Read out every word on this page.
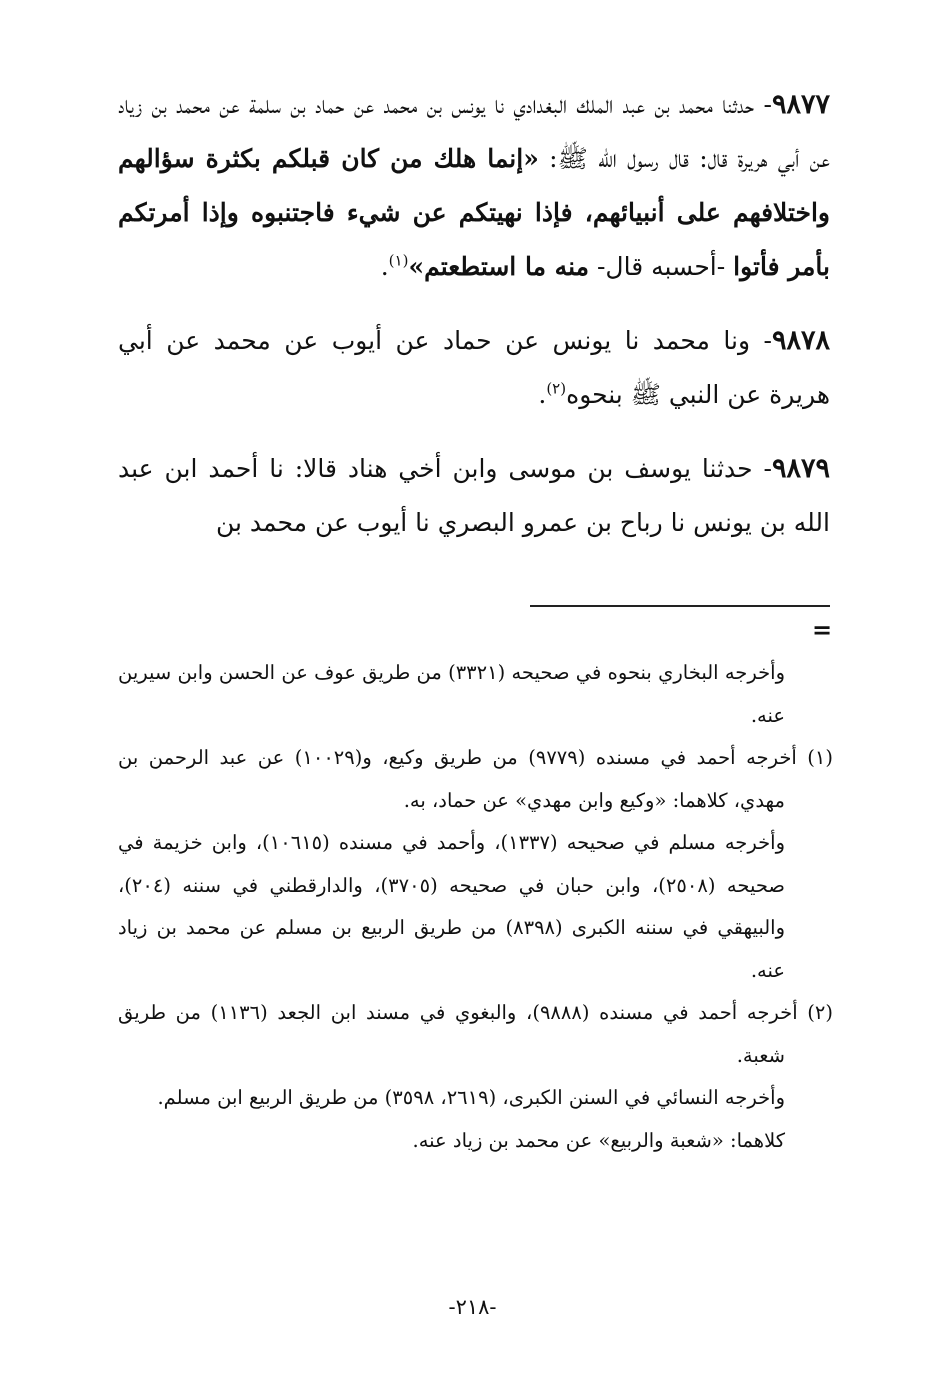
٩٨٧٧- حدثنا محمد بن عبد الملك البغدادي نا يونس بن محمد عن حماد بن سلمة عن محمد بن زياد عن أبي هريرة قال: قال رسول الله ﷺ: «إنما هلك من كان قبلكم بكثرة سؤالهم واختلافهم على أنبيائهم، فإذا نهيتكم عن شيء فاجتنبوه وإذا أمرتكم بأمر فأتوا -أحسبه قال- منه ما استطعتم»$^{(١)}$.

٩٨٧٨- ونا محمد نا يونس عن حماد عن أيوب عن محمد عن أبي هريرة عن النبي ﷺ بنحوه$^{(٢)}$.

٩٨٧٩- حدثنا يوسف بن موسى وابن أخي هناد قالا: نا أحمد ابن عبد الله بن يونس نا رباح بن عمرو البصري نا أيوب عن محمد بن

=

وأخرجه البخاري بنحوه في صحيحه (٣٣٢١) من طريق عوف عن الحسن وابن سيرين عنه.

(١) أخرجه أحمد في مسنده (٩٧٧٩) من طريق وكيع، و(١٠٠٢٩) عن عبد الرحمن بن مهدي، كلاهما: «وكيع وابن مهدي» عن حماد، به.

وأخرجه مسلم في صحيحه (١٣٣٧)، وأحمد في مسنده (١٠٦١٥)، وابن خزيمة في صحيحه (٢٥٠٨)، وابن حبان في صحيحه (٣٧٠٥)، والدارقطني في سننه (٢٠٤)، والبيهقي في سننه الكبرى (٨٣٩٨) من طريق الربيع بن مسلم عن محمد بن زياد عنه.

(٢) أخرجه أحمد في مسنده (٩٨٨٨)، والبغوي في مسند ابن الجعد (١١٣٦) من طريق شعبة.

وأخرجه النسائي في السنن الكبرى، (٢٦١٩، ٣٥٩٨) من طريق الربيع ابن مسلم.

كلاهما: «شعبة والربيع» عن محمد بن زياد عنه.

-٢١٨-
